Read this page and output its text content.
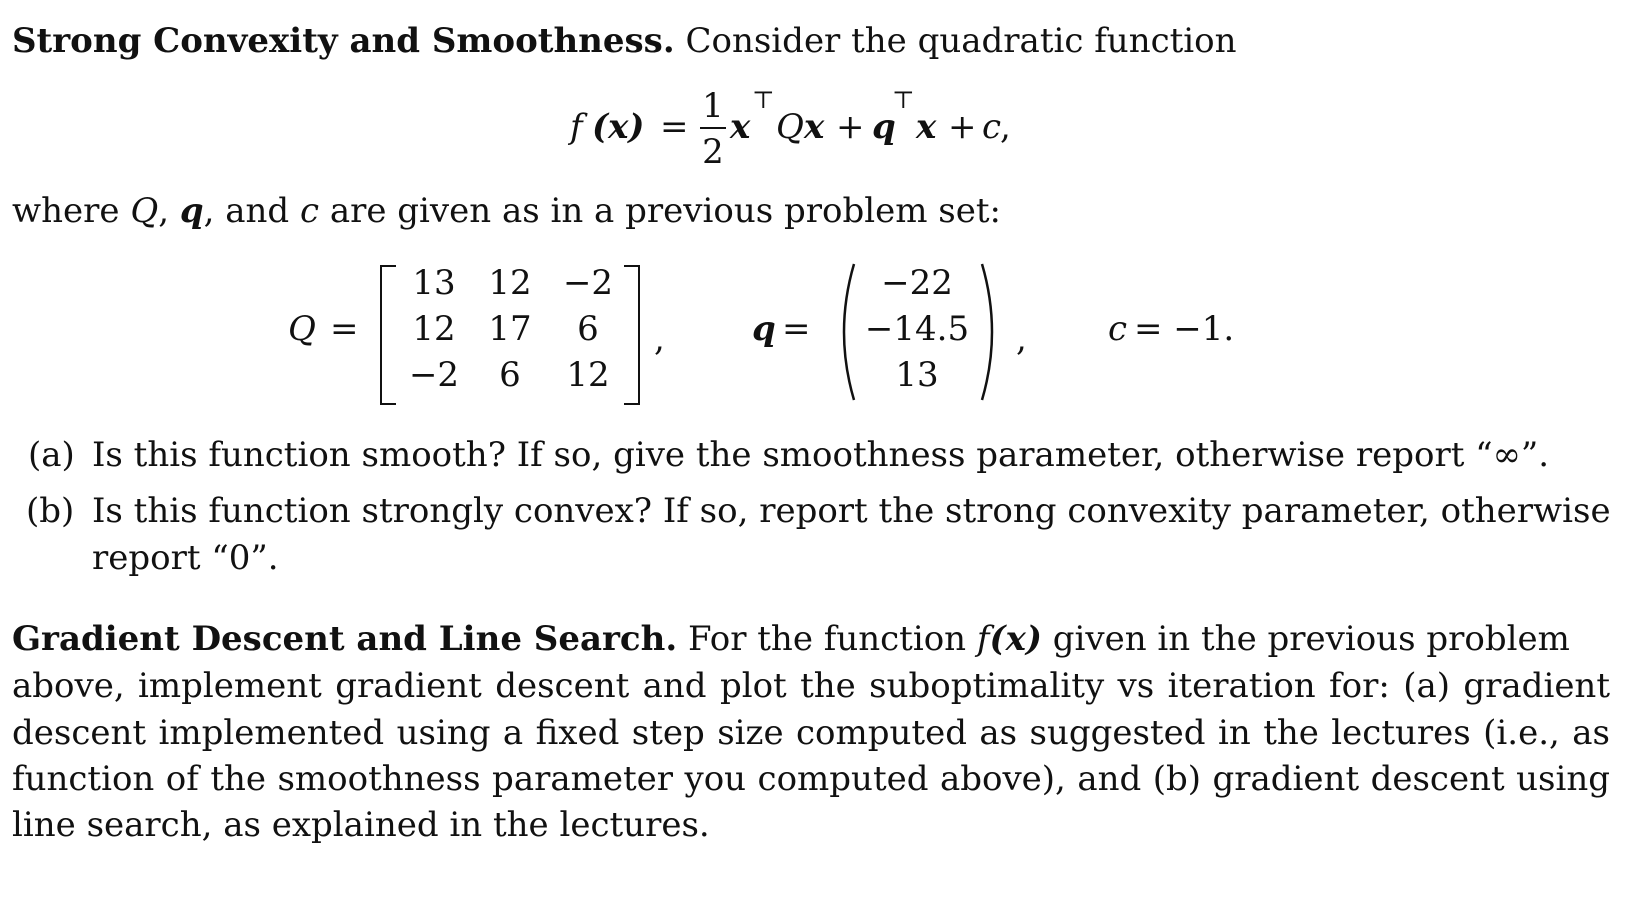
Strong Convexity and Smoothness. Consider the quadratic function
f (x) =
1
2
x
⊤
Q x + q
⊤
x + c
,
where Q, q, and c are given as in a previous problem set:
Q =
13 12 −2
12 17	6
−2	6	12
,	q =
−22
−14.5
13
, c = −1.
(a) Is this function smooth? If so, give the smoothness parameter, otherwise report “∞”.
(b) Is this function strongly convex? If so, report the strong convexity parameter, otherwise
report “0”.
Gradient Descent and Line Search. For the function f(x) given in the previous problem
above, implement gradient descent and plot the suboptimality vs iteration for: (a) gradient
descent implemented using a fixed step size computed as suggested in the lectures (i.e., as
function of the smoothness parameter you computed above), and (b) gradient descent using
line search, as explained in the lectures.
